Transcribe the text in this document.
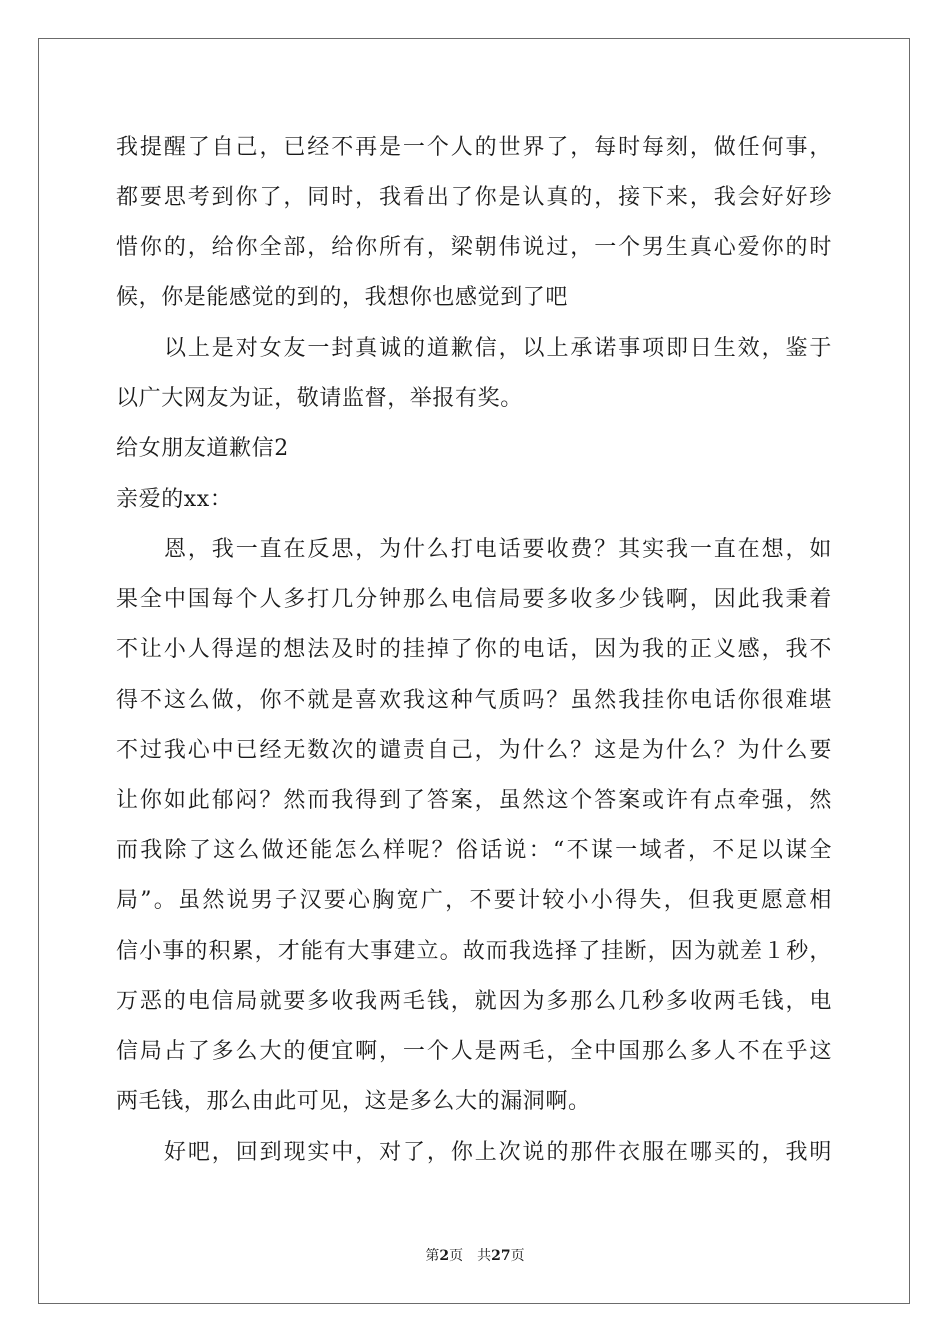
我提醒了自己，已经不再是一个人的世界了，每时每刻，做任何事，
都要思考到你了，同时，我看出了你是认真的，接下来，我会好好珍
惜你的，给你全部，给你所有，梁朝伟说过，一个男生真心爱你的时
候，你是能感觉的到的，我想你也感觉到了吧
以上是对女友一封真诚的道歉信，以上承诺事项即日生效，鉴于
以广大网友为证，敬请监督，举报有奖。
给女朋友道歉信2
亲爱的xx：
恩，我一直在反思，为什么打电话要收费？其实我一直在想，如
果全中国每个人多打几分钟那么电信局要多收多少钱啊，因此我秉着
不让小人得逞的想法及时的挂掉了你的电话，因为我的正义感，我不
得不这么做，你不就是喜欢我这种气质吗？虽然我挂你电话你很难堪
不过我心中已经无数次的谴责自己，为什么？这是为什么？为什么要
让你如此郁闷？然而我得到了答案，虽然这个答案或许有点牵强，然
而我除了这么做还能怎么样呢？俗话说：“不谋一域者，不足以谋全
局”。虽然说男子汉要心胸宽广，不要计较小小得失，但我更愿意相
信小事的积累，才能有大事建立。故而我选择了挂断，因为就差１秒，
万恶的电信局就要多收我两毛钱，就因为多那么几秒多收两毛钱，电
信局占了多么大的便宜啊，一个人是两毛，全中国那么多人不在乎这
两毛钱，那么由此可见，这是多么大的漏洞啊。
好吧，回到现实中，对了，你上次说的那件衣服在哪买的，我明
第2页 共27页
